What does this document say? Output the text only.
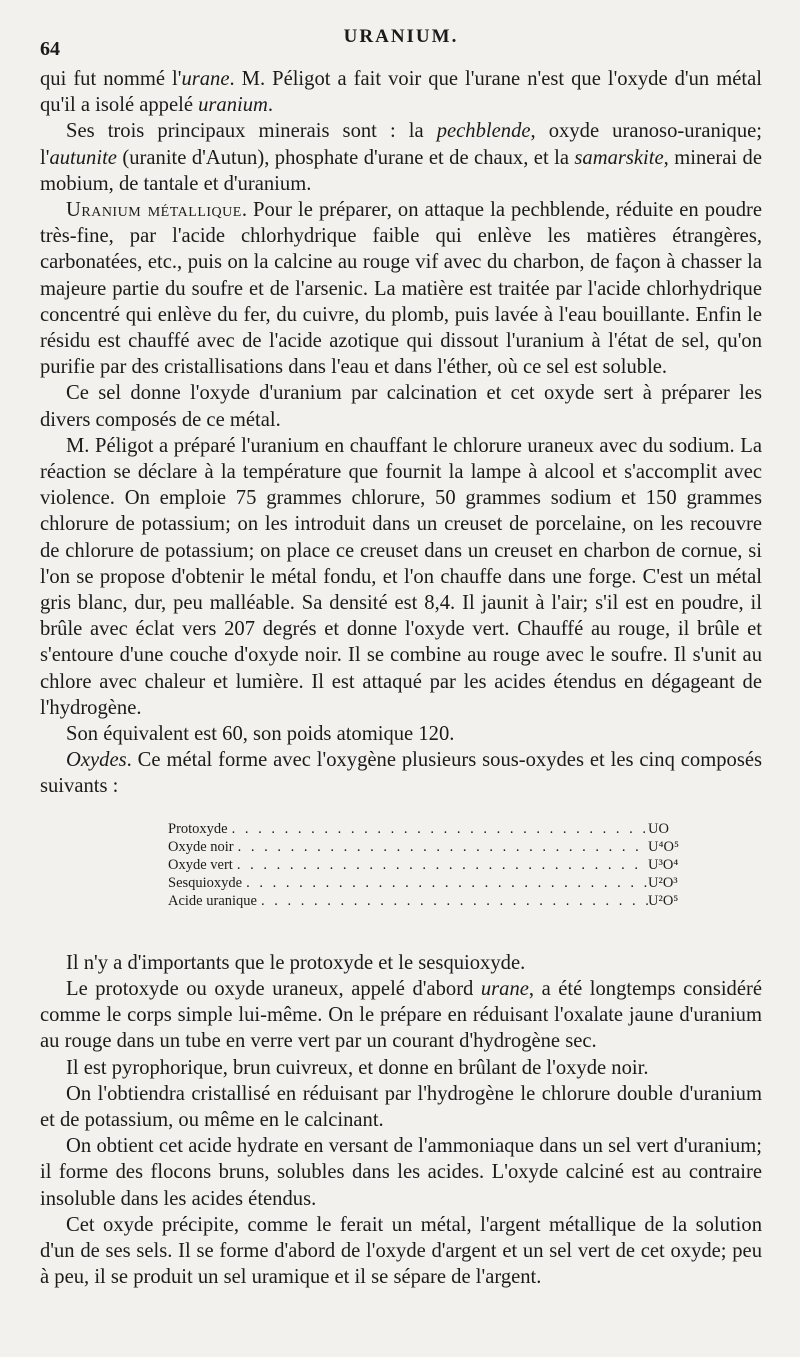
64
URANIUM.

qui fut nommé l'urane. M. Péligot a fait voir que l'urane n'est que l'oxyde d'un métal qu'il a isolé appelé uranium.

Ses trois principaux minerais sont : la pechblende, oxyde uranoso-uranique; l'autunite (uranite d'Autun), phosphate d'urane et de chaux, et la samarskite, minerai de mobium, de tantale et d'uranium.

Uranium métallique. Pour le préparer, on attaque la pechblende, réduite en poudre très-fine, par l'acide chlorhydrique faible qui enlève les matières étrangères, carbonatées, etc., puis on la calcine au rouge vif avec du charbon, de façon à chasser la majeure partie du soufre et de l'arsenic. La matière est traitée par l'acide chlorhydrique concentré qui enlève du fer, du cuivre, du plomb, puis lavée à l'eau bouillante. Enfin le résidu est chauffé avec de l'acide azotique qui dissout l'uranium à l'état de sel, qu'on purifie par des cristallisations dans l'eau et dans l'éther, où ce sel est soluble.

Ce sel donne l'oxyde d'uranium par calcination et cet oxyde sert à préparer les divers composés de ce métal.

M. Péligot a préparé l'uranium en chauffant le chlorure uraneux avec du sodium. La réaction se déclare à la température que fournit la lampe à alcool et s'accomplit avec violence. On emploie 75 grammes chlorure, 50 grammes sodium et 150 grammes chlorure de potassium; on les introduit dans un creuset de porcelaine, on les recouvre de chlorure de potassium; on place ce creuset dans un creuset en charbon de cornue, si l'on se propose d'obtenir le métal fondu, et l'on chauffe dans une forge. C'est un métal gris blanc, dur, peu malléable. Sa densité est 8,4. Il jaunit à l'air; s'il est en poudre, il brûle avec éclat vers 207 degrés et donne l'oxyde vert. Chauffé au rouge, il brûle et s'entoure d'une couche d'oxyde noir. Il se combine au rouge avec le soufre. Il s'unit au chlore avec chaleur et lumière. Il est attaqué par les acides étendus en dégageant de l'hydrogène.

Son équivalent est 60, son poids atomique 120.

Oxydes. Ce métal forme avec l'oxygène plusieurs sous-oxydes et les cinq composés suivants :

Protoxyde . . .	UO
Oxyde noir . . .	U⁴O⁵
Oxyde vert . . .	U³O⁴
Sesquioxyde . . .	U²O³
Acide uranique . . .	U²O⁵

Il n'y a d'importants que le protoxyde et le sesquioxyde.

Le protoxyde ou oxyde uraneux, appelé d'abord urane, a été longtemps considéré comme le corps simple lui-même. On le prépare en réduisant l'oxalate jaune d'uranium au rouge dans un tube en verre vert par un courant d'hydrogène sec.

Il est pyrophorique, brun cuivreux, et donne en brûlant de l'oxyde noir.

On l'obtiendra cristallisé en réduisant par l'hydrogène le chlorure double d'uranium et de potassium, ou même en le calcinant.

On obtient cet acide hydrate en versant de l'ammoniaque dans un sel vert d'uranium; il forme des flocons bruns, solubles dans les acides. L'oxyde calciné est au contraire insoluble dans les acides étendus.

Cet oxyde précipite, comme le ferait un métal, l'argent métallique de la solution d'un de ses sels. Il se forme d'abord de l'oxyde d'argent et un sel vert de cet oxyde; peu à peu, il se produit un sel uramique et il se sépare de l'argent.
